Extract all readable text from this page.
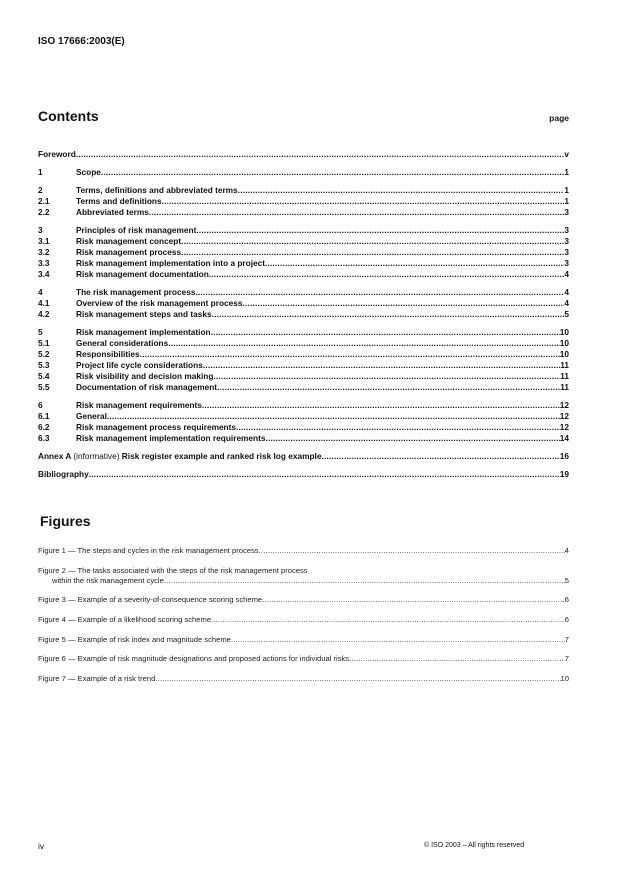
ISO 17666:2003(E)
Contents	page
Foreword .....	v
1	Scope .....	1
2	Terms, definitions and abbreviated terms .....	1
2.1	Terms and definitions .....	1
2.2	Abbreviated terms .....	3
3	Principles of risk management .....	3
3.1	Risk management concept .....	3
3.2	Risk management process .....	3
3.3	Risk management implementation into a project .....	3
3.4	Risk management documentation .....	4
4	The risk management process .....	4
4.1	Overview of the risk management process .....	4
4.2	Risk management steps and tasks .....	5
5	Risk management implementation .....	10
5.1	General considerations .....	10
5.2	Responsibilities .....	10
5.3	Project life cycle considerations .....	11
5.4	Risk visibility and decision making .....	11
5.5	Documentation of risk management .....	11
6	Risk management requirements .....	12
6.1	General .....	12
6.2	Risk management process requirements .....	12
6.3	Risk management implementation requirements .....	14
Annex A (informative) Risk register example and ranked risk log example .....	16
Bibliography .....	19
Figures
Figure 1 — The steps and cycles in the risk management process .....	4
Figure 2 — The tasks associated with the steps of the risk management process
within the risk management cycle .....	5
Figure 3 — Example of a severity-of-consequence scoring scheme .....	6
Figure 4 — Example of a likelihood scoring scheme .....	6
Figure 5 — Example of risk index and magnitude scheme .....	7
Figure 6 — Example of risk magnitude designations and proposed actions for individual risks .....	7
Figure 7 — Example of a risk trend .....	10
iv	© ISO 2003 – All rights reserved
